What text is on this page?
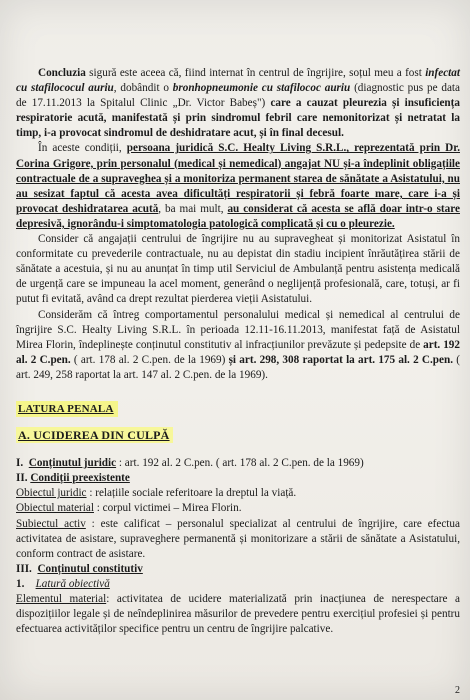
Concluzia sigură este aceea că, fiind internat în centrul de îngrijire, soțul meu a fost infectat cu stafilococul auriu, dobândit o bronhopneumonie cu stafilococ auriu (diagnostic pus pe data de 17.11.2013 la Spitalul Clinic „Dr. Victor Babeș") care a cauzat pleurezia și insuficiența respiratorie acută, manifestată și prin sindromul febril care nemonitorizat și netratat la timp, i-a provocat sindromul de deshidratare acut, și în final decesul.

În aceste condiții, persoana juridică S.C. Healty Living S.R.L., reprezentată prin Dr. Corina Grigore, prin personalul (medical și nemedical) angajat NU și-a îndeplinit obligațiile contractuale de a supraveghea și a monitoriza permanent starea de sănătate a Asistatului, nu au sesizat faptul că acesta avea dificultăți respiratorii și febră foarte mare, care i-a și provocat deshidratarea acută, ba mai mult, au considerat că acesta se află doar intr-o stare depresivă, ignorându-i simptomatologia patologică complicată și cu o pleurezie.

Consider că angajații centrului de îngrijire nu au supravegheat și monitorizat Asistatul în conformitate cu prevederile contractuale, nu au depistat din stadiu incipient înrăutățirea stării de sănătate a acestuia, și nu au anunțat în timp util Serviciul de Ambulanță pentru asistența medicală de urgență care se impuneau la acel moment, generând o neglijență profesională, care, totuși, ar fi putut fi evitată, având ca drept rezultat pierderea vieții Asistatului.

Considerăm că întreg comportamentul personalului medical și nemedical al centrului de îngrijire S.C. Healty Living S.R.L. în perioada 12.11-16.11.2013, manifestat față de Asistatul Mirea Florin, îndeplinește conținutul constitutiv al infracțiunilor prevăzute și pedepsite de art. 192 al. 2 C.pen. ( art. 178 al. 2 C.pen. de la 1969) și art. 298, 308 raportat la art. 175 al. 2 C.pen. ( art. 249, 258 raportat la art. 147 al. 2 C.pen. de la 1969).

LATURA PENALA

A. UCIDEREA DIN CULPĂ

I. Conținutul juridic : art. 192 al. 2 C.pen. ( art. 178 al. 2 C.pen. de la 1969)

II. Condiții preexistente

Obiectul juridic : relațiile sociale referitoare la dreptul la viață.

Obiectul material : corpul victimei – Mirea Florin.

Subiectul activ : este calificat – personalul specializat al centrului de îngrijire, care efectua activitatea de asistare, supraveghere permanentă și monitorizare a stării de sănătate a Asistatului, conform contract de asistare.

III. Conținutul constitutiv

1. Latură obiectivă

Elementul material: activitatea de ucidere materializată prin inacțiunea de nerespectare a dispozițiilor legale și de neîndeplinirea măsurilor de prevedere pentru exercițiul profesiei și pentru efectuarea activităților specifice pentru un centru de îngrijire palcative.

2
